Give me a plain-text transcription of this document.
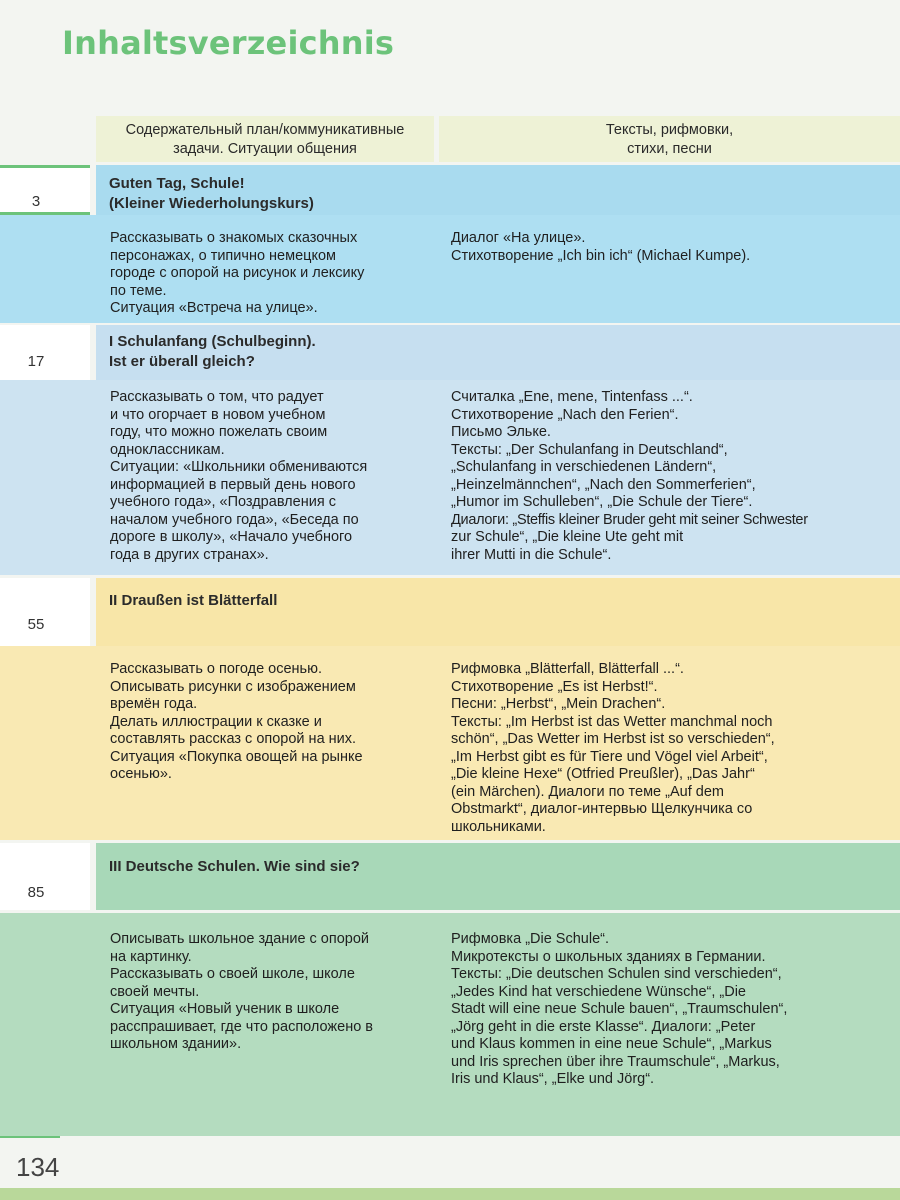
Inhaltsverzeichnis
Содержательный план/коммуникативные
задачи. Ситуации общения
Тексты, рифмовки,
стихи, песни
3
Guten Tag, Schule!
(Kleiner Wiederholungskurs)
Рассказывать о знакомых сказочных
персонажах, о типично немецком
городе с опорой на рисунок и лексику
по теме.
Ситуация «Встреча на улице».
Диалог «На улице».
Стихотворение „Ich bin ich“ (Michael Kumpe).
17
I Schulanfang (Schulbeginn).
Ist er überall gleich?
Рассказывать о том, что радует
и что огорчает в новом учебном
году, что можно пожелать своим
одноклассникам.
Ситуации: «Школьники обмениваются
информацией в первый день нового
учебного года», «Поздравления с
началом учебного года», «Беседа по
дороге в школу», «Начало учебного
года в других странах».
Считалка „Ene, mene, Tintenfass ...“.
Стихотворение „Nach den Ferien“.
Письмо Эльке.
Тексты: „Der Schulanfang in Deutschland“,
„Schulanfang in verschiedenen Ländern“,
„Heinzelmännchen“, „Nach den Sommerferien“,
„Humor im Schulleben“, „Die Schule der Tiere“.
Диалоги: „Steffis kleiner Bruder geht mit seiner Schwester
zur Schule“, „Die kleine Ute geht mit
ihrer Mutti in die Schule“.
55
II Draußen ist Blätterfall
Рассказывать о погоде осенью.
Описывать рисунки с изображением
времён года.
Делать иллюстрации к сказке и
составлять рассказ с опорой на них.
Ситуация «Покупка овощей на рынке
осенью».
Рифмовка „Blätterfall, Blätterfall ...“.
Стихотворение „Es ist Herbst!“.
Песни: „Herbst“, „Mein Drachen“.
Тексты: „Im Herbst ist das Wetter manchmal noch
schön“, „Das Wetter im Herbst ist so verschieden“,
„Im Herbst gibt es für Tiere und Vögel viel Arbeit“,
„Die kleine Hexe“ (Otfried Preußler), „Das Jahr“
(ein Märchen). Диалоги по теме „Auf dem
Obstmarkt“, диалог-интервью Щелкунчика со
школьниками.
85
III Deutsche Schulen. Wie sind sie?
Описывать школьное здание с опорой
на картинку.
Рассказывать о своей школе, школе
своей мечты.
Ситуация «Новый ученик в школе
расспрашивает, где что расположено в
школьном здании».
Рифмовка „Die Schule“.
Микротексты о школьных зданиях в Германии.
Тексты: „Die deutschen Schulen sind verschieden“,
„Jedes Kind hat verschiedene Wünsche“, „Die
Stadt will eine neue Schule bauen“, „Traumschulen“,
„Jörg geht in die erste Klasse“. Диалоги: „Peter
und Klaus kommen in eine neue Schule“, „Markus
und Iris sprechen über ihre Traumschule“, „Markus,
Iris und Klaus“, „Elke und Jörg“.
134
